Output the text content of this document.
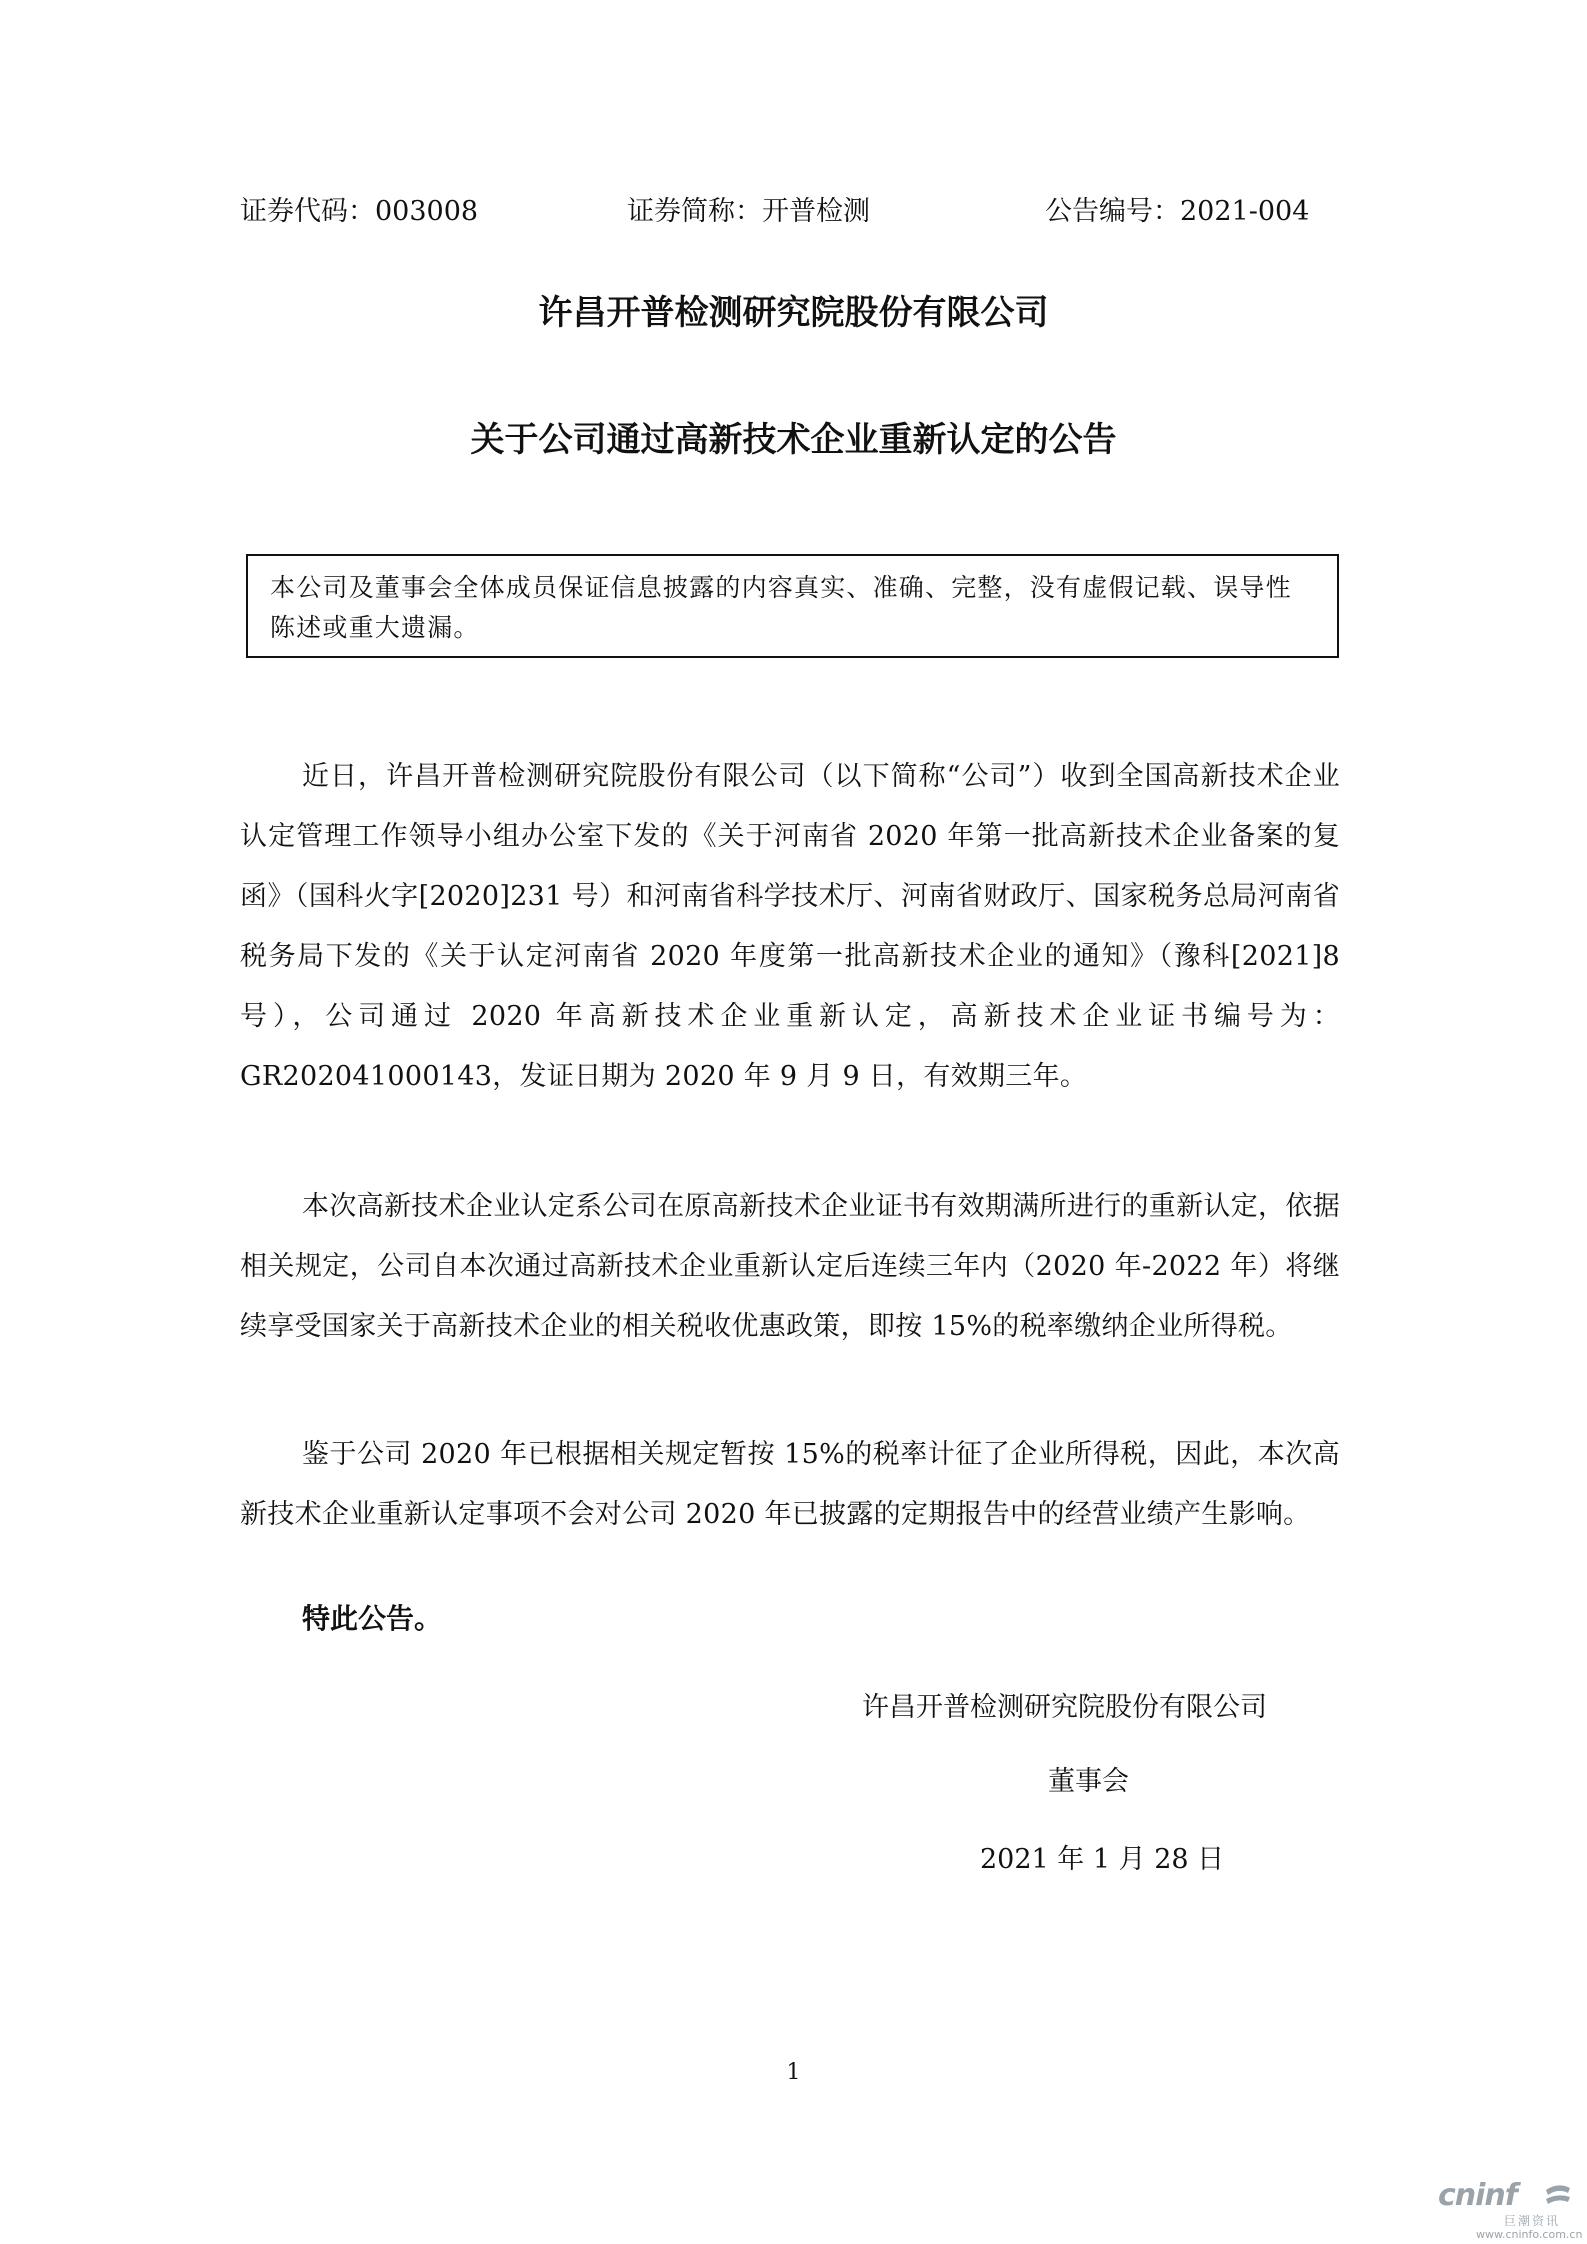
证券代码：003008	证券简称：开普检测	公告编号：2021-004
许昌开普检测研究院股份有限公司
关于公司通过高新技术企业重新认定的公告
本公司及董事会全体成员保证信息披露的内容真实、准确、完整，没有虚假记载、误导性陈述或重大遗漏。

近日，许昌开普检测研究院股份有限公司（以下简称“公司”）收到全国高新技术企业认定管理工作领导小组办公室下发的《关于河南省 2020 年第一批高新技术企业备案的复函》（国科火字[2020]231 号）和河南省科学技术厅、河南省财政厅、国家税务总局河南省税务局下发的《关于认定河南省 2020 年度第一批高新技术企业的通知》（豫科[2021]8 号），公司通过 2020 年高新技术企业重新认定，高新技术企业证书编号为：GR202041000143，发证日期为 2020 年 9 月 9 日，有效期三年。

本次高新技术企业认定系公司在原高新技术企业证书有效期满所进行的重新认定，依据相关规定，公司自本次通过高新技术企业重新认定后连续三年内（2020 年-2022 年）将继续享受国家关于高新技术企业的相关税收优惠政策，即按 15%的税率缴纳企业所得税。

鉴于公司 2020 年已根据相关规定暂按 15%的税率计征了企业所得税，因此，本次高新技术企业重新认定事项不会对公司 2020 年已披露的定期报告中的经营业绩产生影响。

特此公告。
许昌开普检测研究院股份有限公司
董事会
2021 年 1 月 28 日
1
cninf
巨潮资讯
www.cninfo.com.cn
